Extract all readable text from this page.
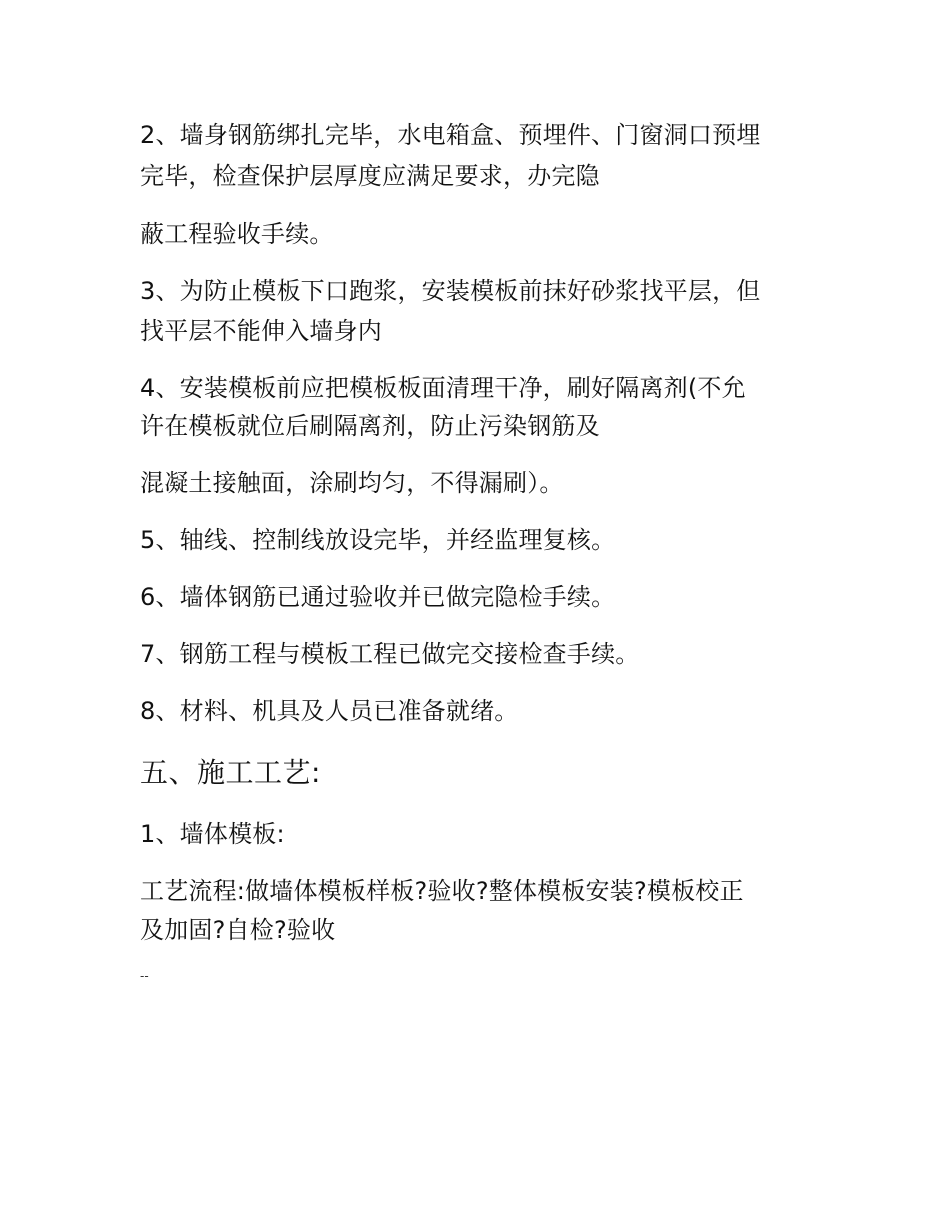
2、墙身钢筋绑扎完毕，水电箱盒、预埋件、门窗洞口预埋
完毕，检查保护层厚度应满足要求，办完隐
蔽工程验收手续。
3、为防止模板下口跑浆，安装模板前抹好砂浆找平层，但
找平层不能伸入墙身内
4、安装模板前应把模板板面清理干净，刷好隔离剂(不允
许在模板就位后刷隔离剂，防止污染钢筋及
混凝土接触面，涂刷均匀，不得漏刷）。
5、轴线、控制线放设完毕，并经监理复核。
6、墙体钢筋已通过验收并已做完隐检手续。
7、钢筋工程与模板工程已做完交接检查手续。
8、材料、机具及人员已准备就绪。
五、施工工艺:
1、墙体模板:
工艺流程:做墙体模板样板?验收?整体模板安装?模板校正
及加固?自检?验收
--
